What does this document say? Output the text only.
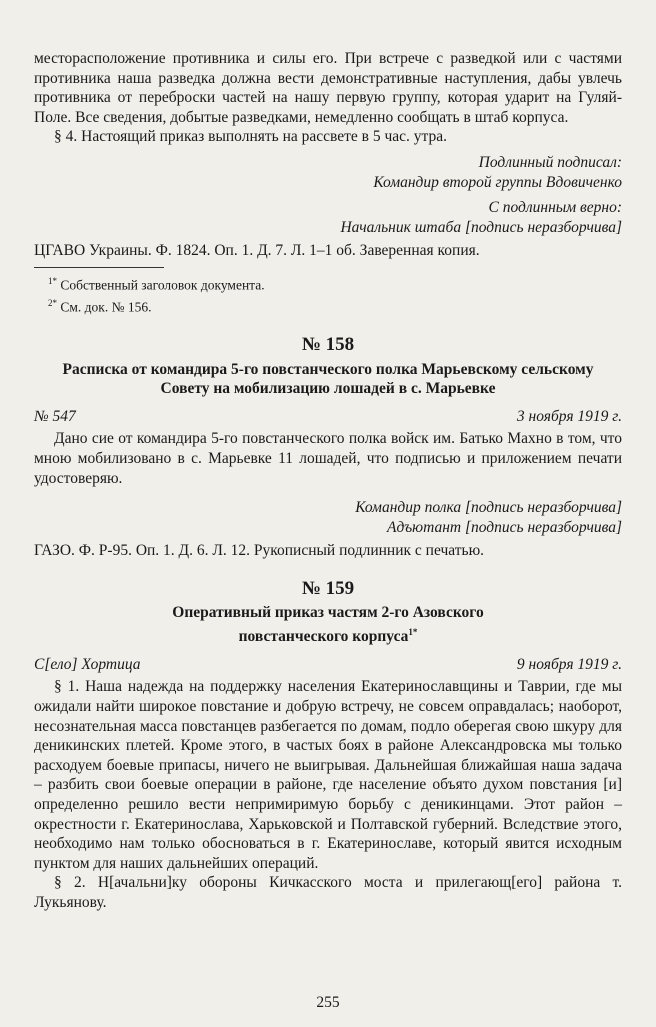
месторасположение противника и силы его. При встрече с разведкой или с частями противника наша разведка должна вести демонстративные наступления, дабы увлечь противника от переброски частей на нашу первую группу, которая ударит на Гуляй-Поле. Все сведения, добытые разведками, немедленно сообщать в штаб корпуса.

§ 4. Настоящий приказ выполнять на рассвете в 5 час. утра.

Подлинный подписал:

Командир второй группы Вдовиченко

С подлинным верно:

Начальник штаба [подпись неразборчива]

ЦГАВО Украины. Ф. 1824. Оп. 1. Д. 7. Л. 1–1 об. Заверенная копия.

$^{1*}$ Собственный заголовок документа.
$^{2*}$ См. док. № 156.
№ 158
Расписка от командира 5-го повстанческого полка Марьевскому сельскому Совету на мобилизацию лошадей в с. Марьевке
№ 547	3 ноября 1919 г.

Дано сие от командира 5-го повстанческого полка войск им. Батько Махно в том, что мною мобилизовано в с. Марьевке 11 лошадей, что подписью и приложением печати удостоверяю.

Командир полка [подпись неразборчива]

Адъютант [подпись неразборчива]

ГАЗО. Ф. Р-95. Оп. 1. Д. 6. Л. 12. Рукописный подлинник с печатью.

№ 159
Оперативный приказ частям 2-го Азовского повстанческого корпуса$^{1*}$
С[ело] Хортица	9 ноября 1919 г.

§ 1. Наша надежда на поддержку населения Екатеринославщины и Таврии, где мы ожидали найти широкое повстание и добрую встречу, не совсем оправдалась; наоборот, несознательная масса повстанцев разбегается по домам, подло оберегая свою шкуру для деникинских плетей. Кроме этого, в частых боях в районе Александровска мы только расходуем боевые припасы, ничего не выигрывая. Дальнейшая ближайшая наша задача – разбить свои боевые операции в районе, где население объято духом повстания [и] определенно решило вести непримиримую борьбу с деникинцами. Этот район – окрестности г. Екатеринослава, Харьковской и Полтавской губерний. Вследствие этого, необходимо нам только обосноваться в г. Екатеринославе, который явится исходным пунктом для наших дальнейших операций.

§ 2. Н[ачальни]ку обороны Кичкасского моста и прилегающ[его] района т. Лукьянову.

255
